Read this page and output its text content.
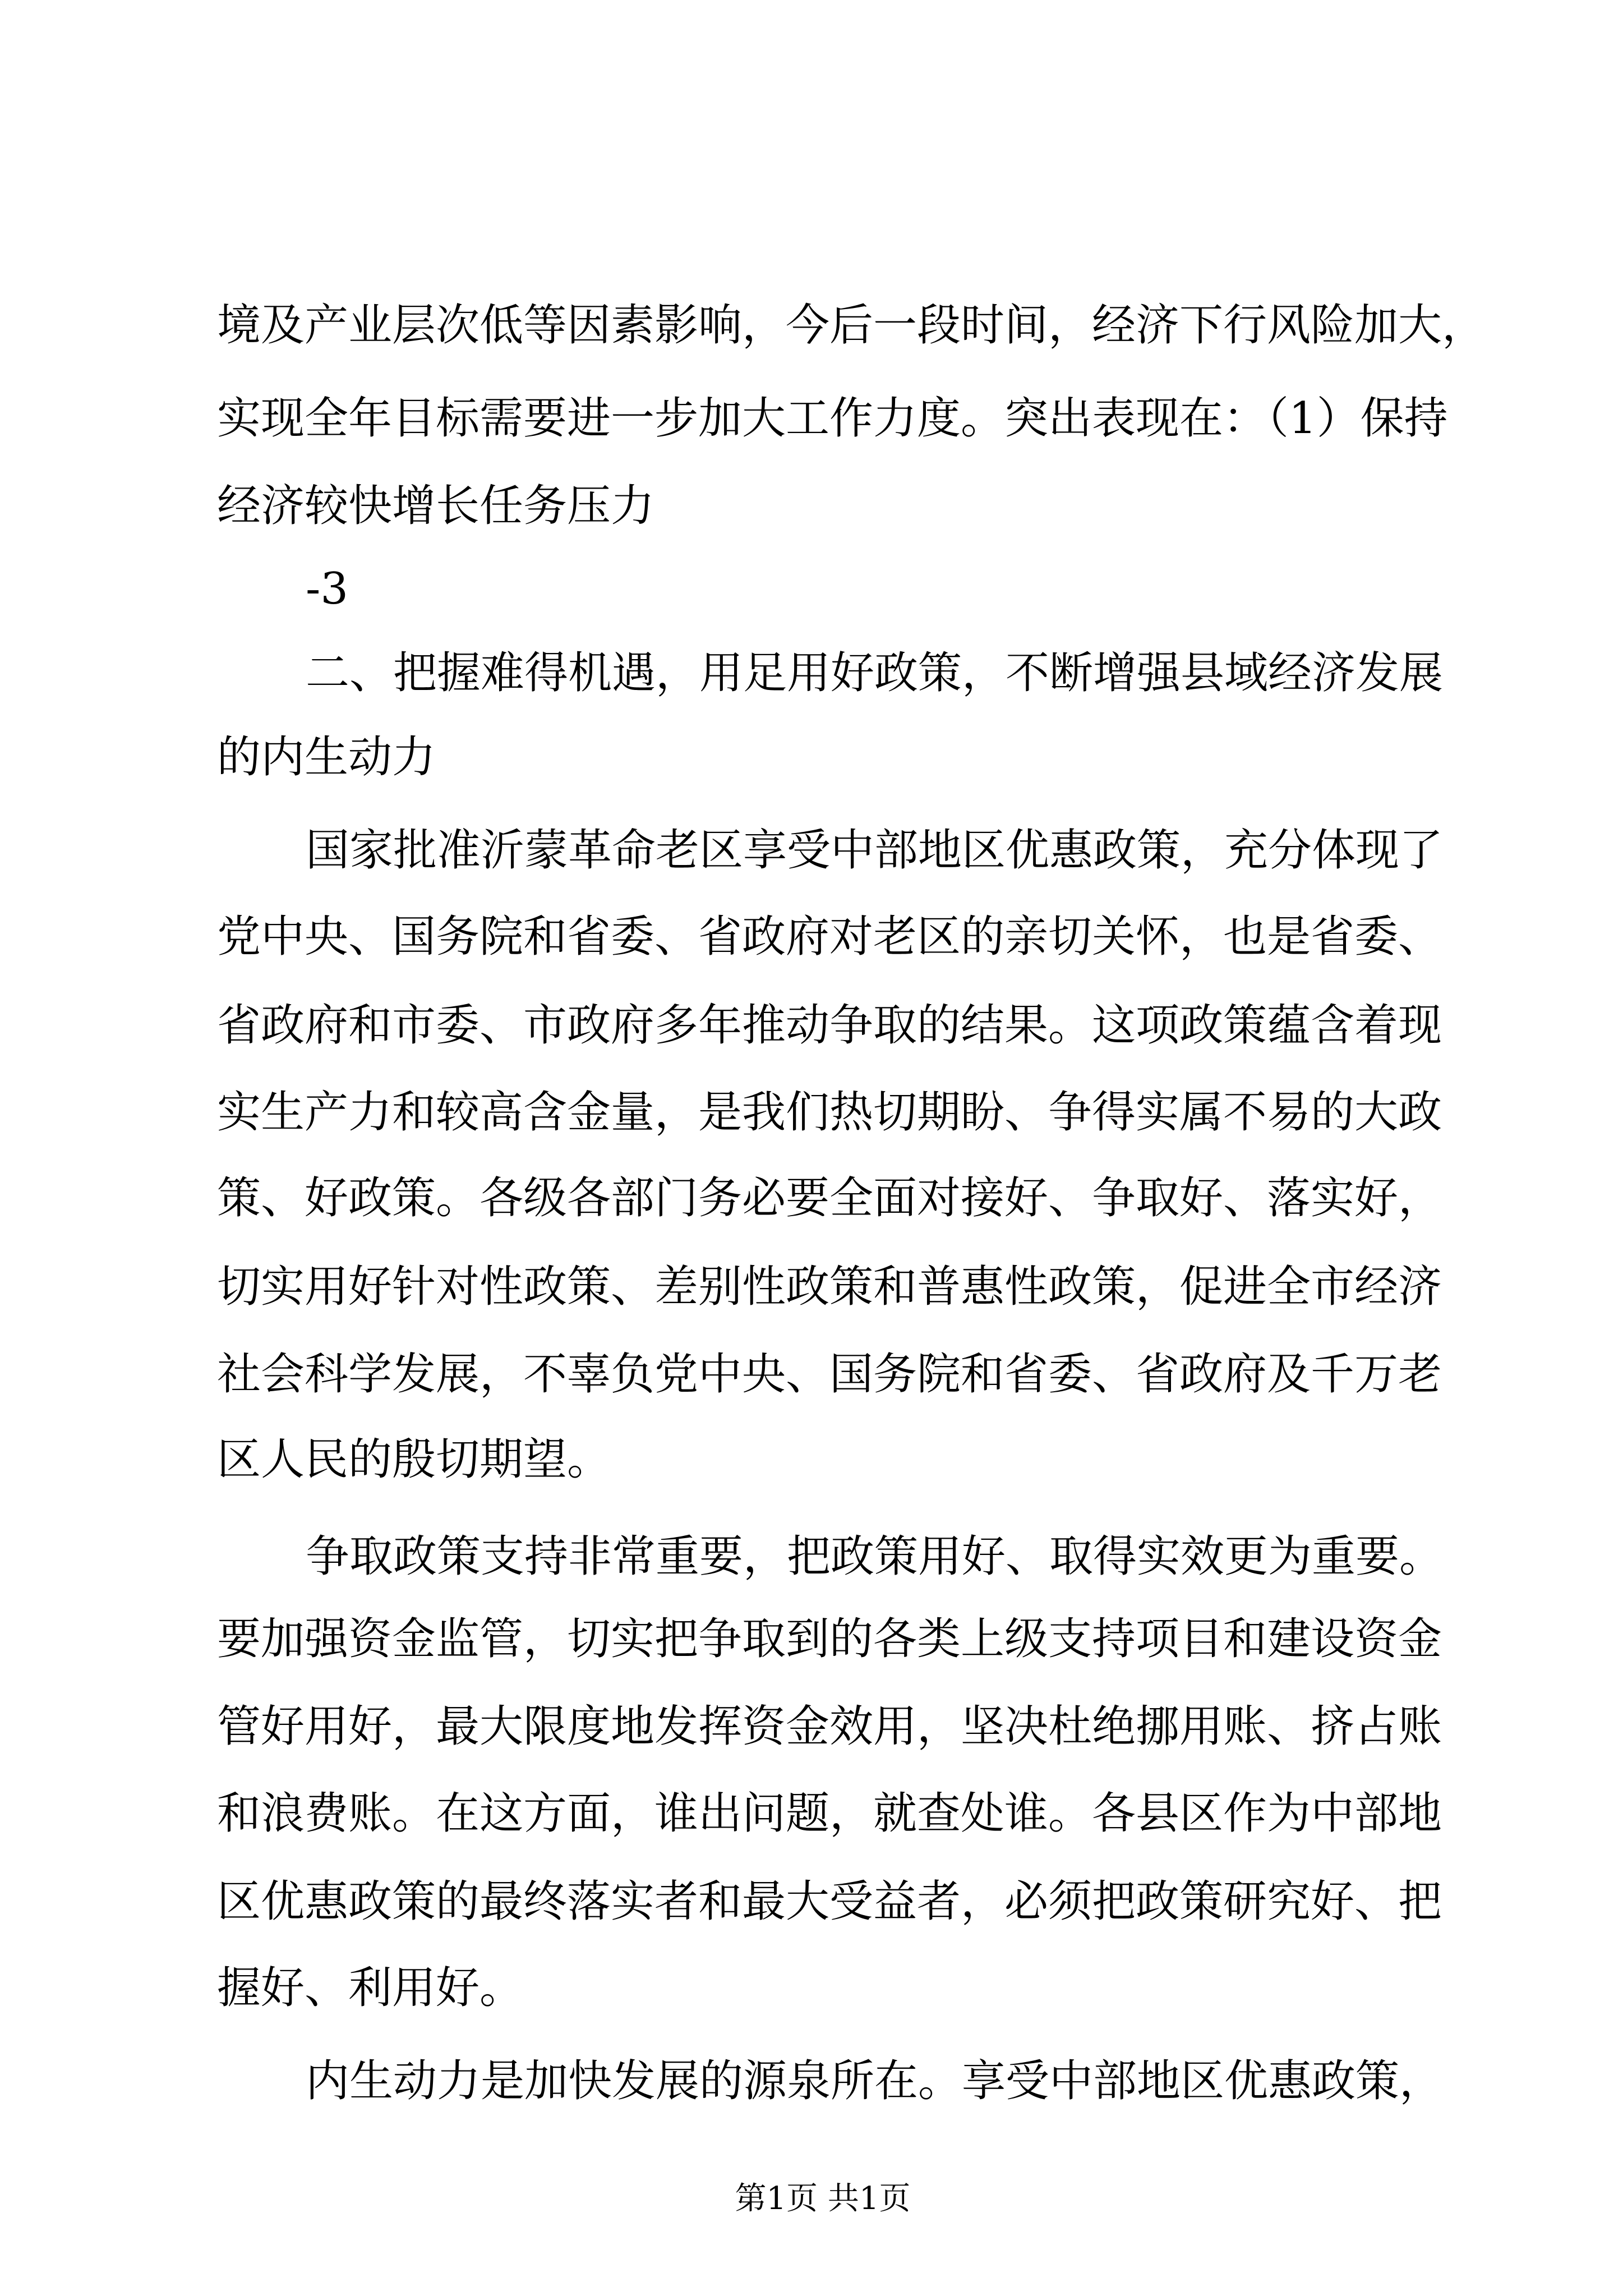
境及产业层次低等因素影响，今后一段时间，经济下行风险加大，
实现全年目标需要进一步加大工作力度。突出表现在：（1）保持
经济较快增长任务压力
-3
二、把握难得机遇，用足用好政策，不断增强县域经济发展
的内生动力
国家批准沂蒙革命老区享受中部地区优惠政策，充分体现了
党中央、国务院和省委、省政府对老区的亲切关怀，也是省委、
省政府和市委、市政府多年推动争取的结果。这项政策蕴含着现
实生产力和较高含金量，是我们热切期盼、争得实属不易的大政
策、好政策。各级各部门务必要全面对接好、争取好、落实好，
切实用好针对性政策、差别性政策和普惠性政策，促进全市经济
社会科学发展，不辜负党中央、国务院和省委、省政府及千万老
区人民的殷切期望。
争取政策支持非常重要，把政策用好、取得实效更为重要。
要加强资金监管，切实把争取到的各类上级支持项目和建设资金
管好用好，最大限度地发挥资金效用，坚决杜绝挪用账、挤占账
和浪费账。在这方面，谁出问题，就查处谁。各县区作为中部地
区优惠政策的最终落实者和最大受益者，必须把政策研究好、把
握好、利用好。
内生动力是加快发展的源泉所在。享受中部地区优惠政策，
第1页 共1页
